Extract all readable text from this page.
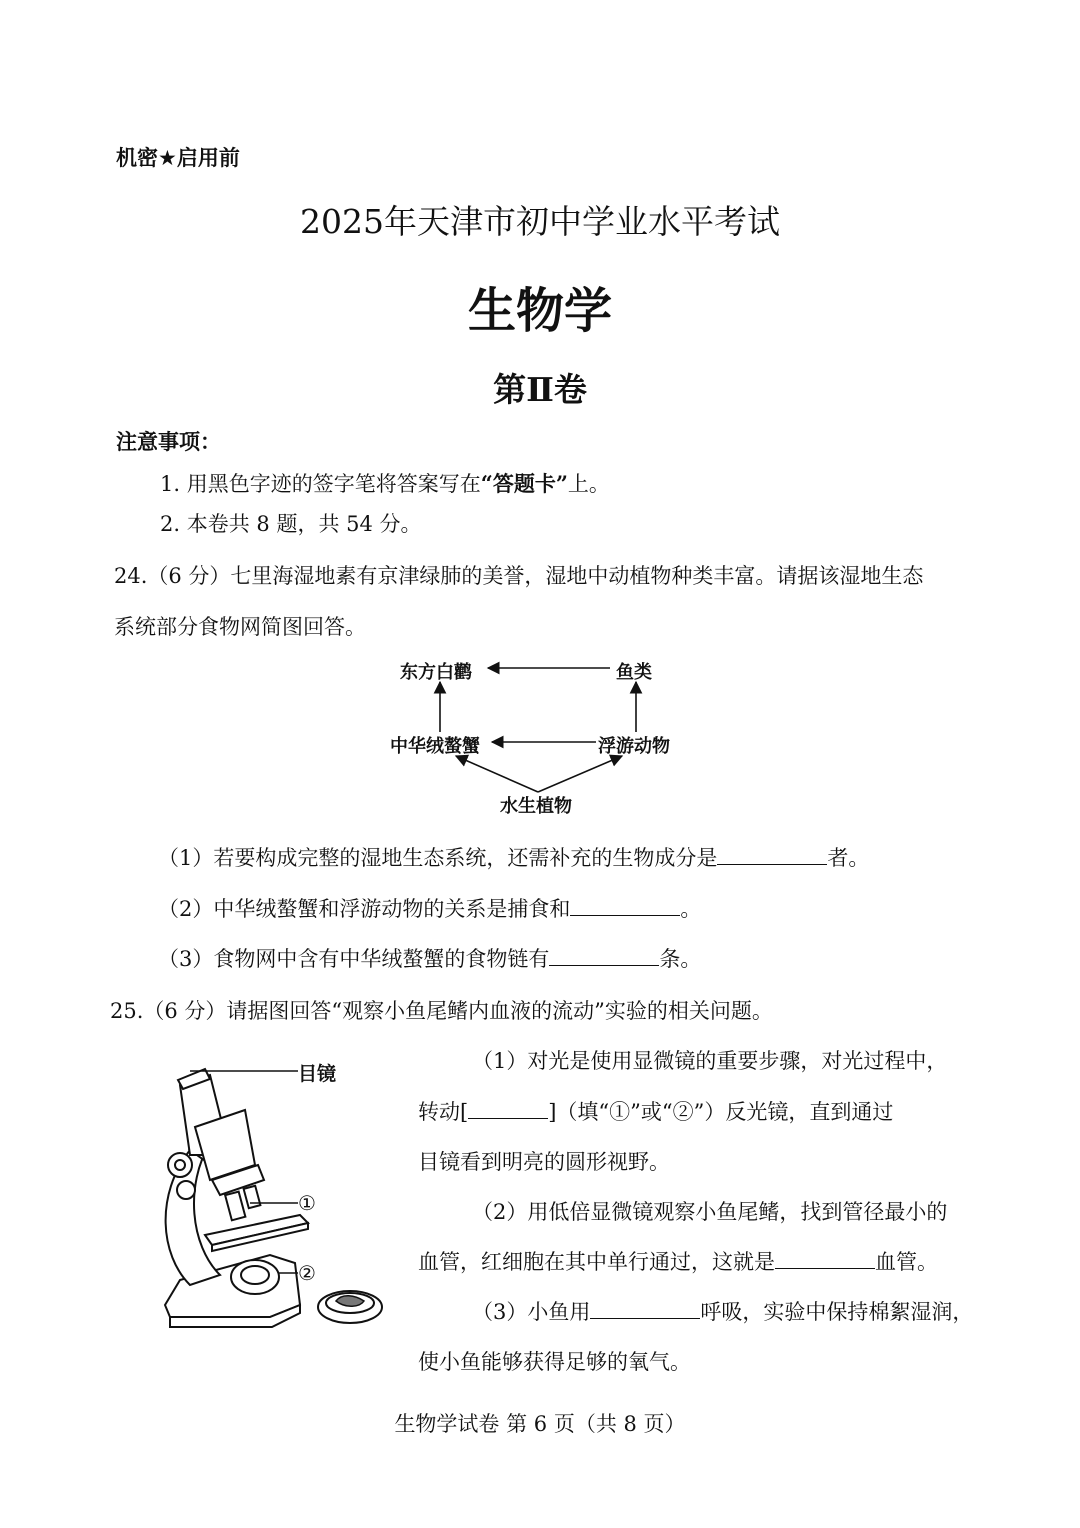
机密★启用前
2025年天津市初中学业水平考试
生物学
第Ⅱ卷
注意事项：
1. 用黑色字迹的签字笔将答案写在“答题卡”上。
2. 本卷共 8 题，共 54 分。
24.（6 分）七里海湿地素有京津绿肺的美誉，湿地中动植物种类丰富。请据该湿地生态
系统部分食物网简图回答。
东方白鹳	鱼类
中华绒螯蟹	浮游动物
水生植物
（1）若要构成完整的湿地生态系统，还需补充的生物成分是	者。
（2）中华绒螯蟹和浮游动物的关系是捕食和	。
（3）食物网中含有中华绒螯蟹的食物链有	条。
25.（6 分）请据图回答“观察小鱼尾鳍内血液的流动”实验的相关问题。
目镜
①
②
（1）对光是使用显微镜的重要步骤，对光过程中，
转动[	]（填“①”或“②”）反光镜，直到通过
目镜看到明亮的圆形视野。
（2）用低倍显微镜观察小鱼尾鳍，找到管径最小的
血管，红细胞在其中单行通过，这就是	血管。
（3）小鱼用	呼吸，实验中保持棉絮湿润，
使小鱼能够获得足够的氧气。
生物学试卷 第 6 页（共 8 页）
